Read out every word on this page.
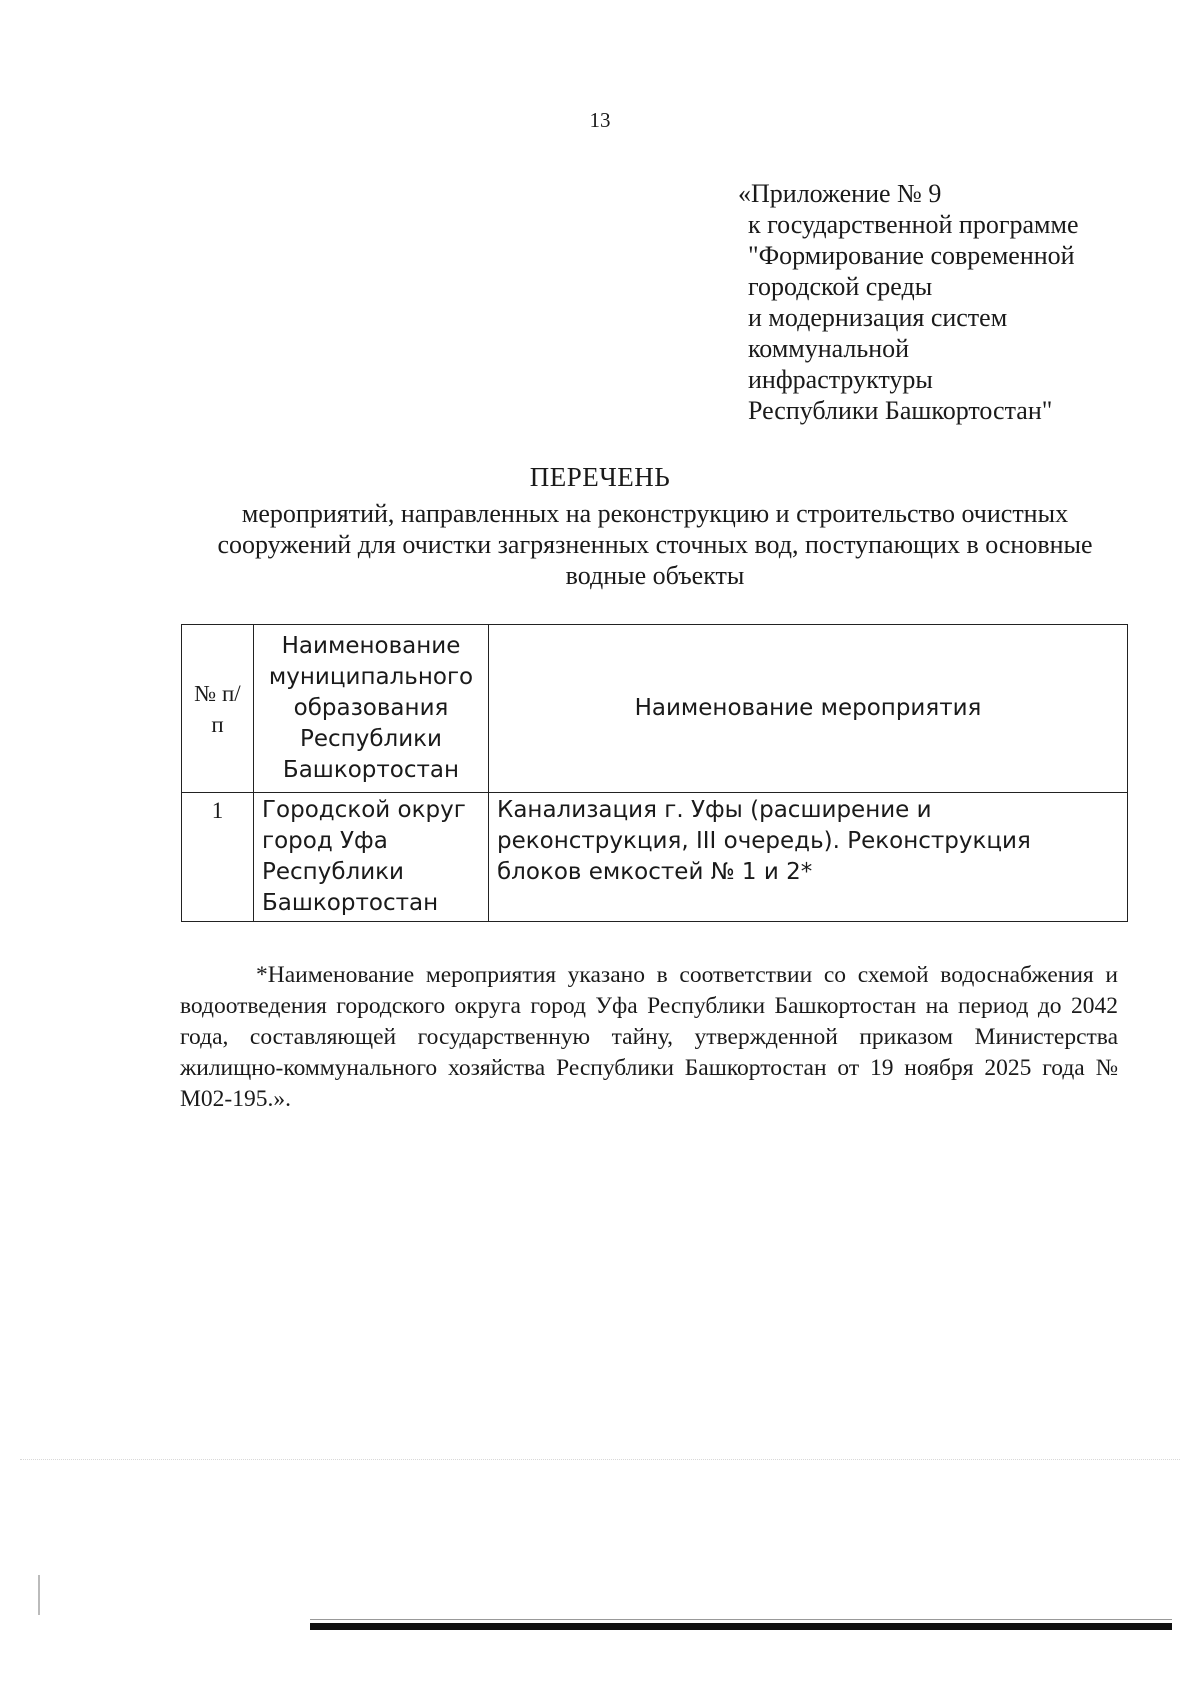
13
«Приложение № 9
к государственной программе
"Формирование современной
городской среды
и модернизация систем
коммунальной
инфраструктуры
Республики Башкортостан"
ПЕРЕЧЕНЬ
мероприятий, направленных на реконструкцию и строительство очистных сооружений для очистки загрязненных сточных вод, поступающих в основные водные объекты
№ п/п	Наименование муниципального образования Республики Башкортостан	Наименование мероприятия
1	Городской округ город Уфа Республики Башкортостан	Канализация г. Уфы (расширение и реконструкция, III очередь). Реконструкция блоков емкостей № 1 и 2*
*Наименование мероприятия указано в соответствии со схемой водоснабжения и водоотведения городского округа город Уфа Республики Башкортостан на период до 2042 года, составляющей государственную тайну, утвержденной приказом Министерства жилищно-коммунального хозяйства Республики Башкортостан от 19 ноября 2025 года № М02-195.».
